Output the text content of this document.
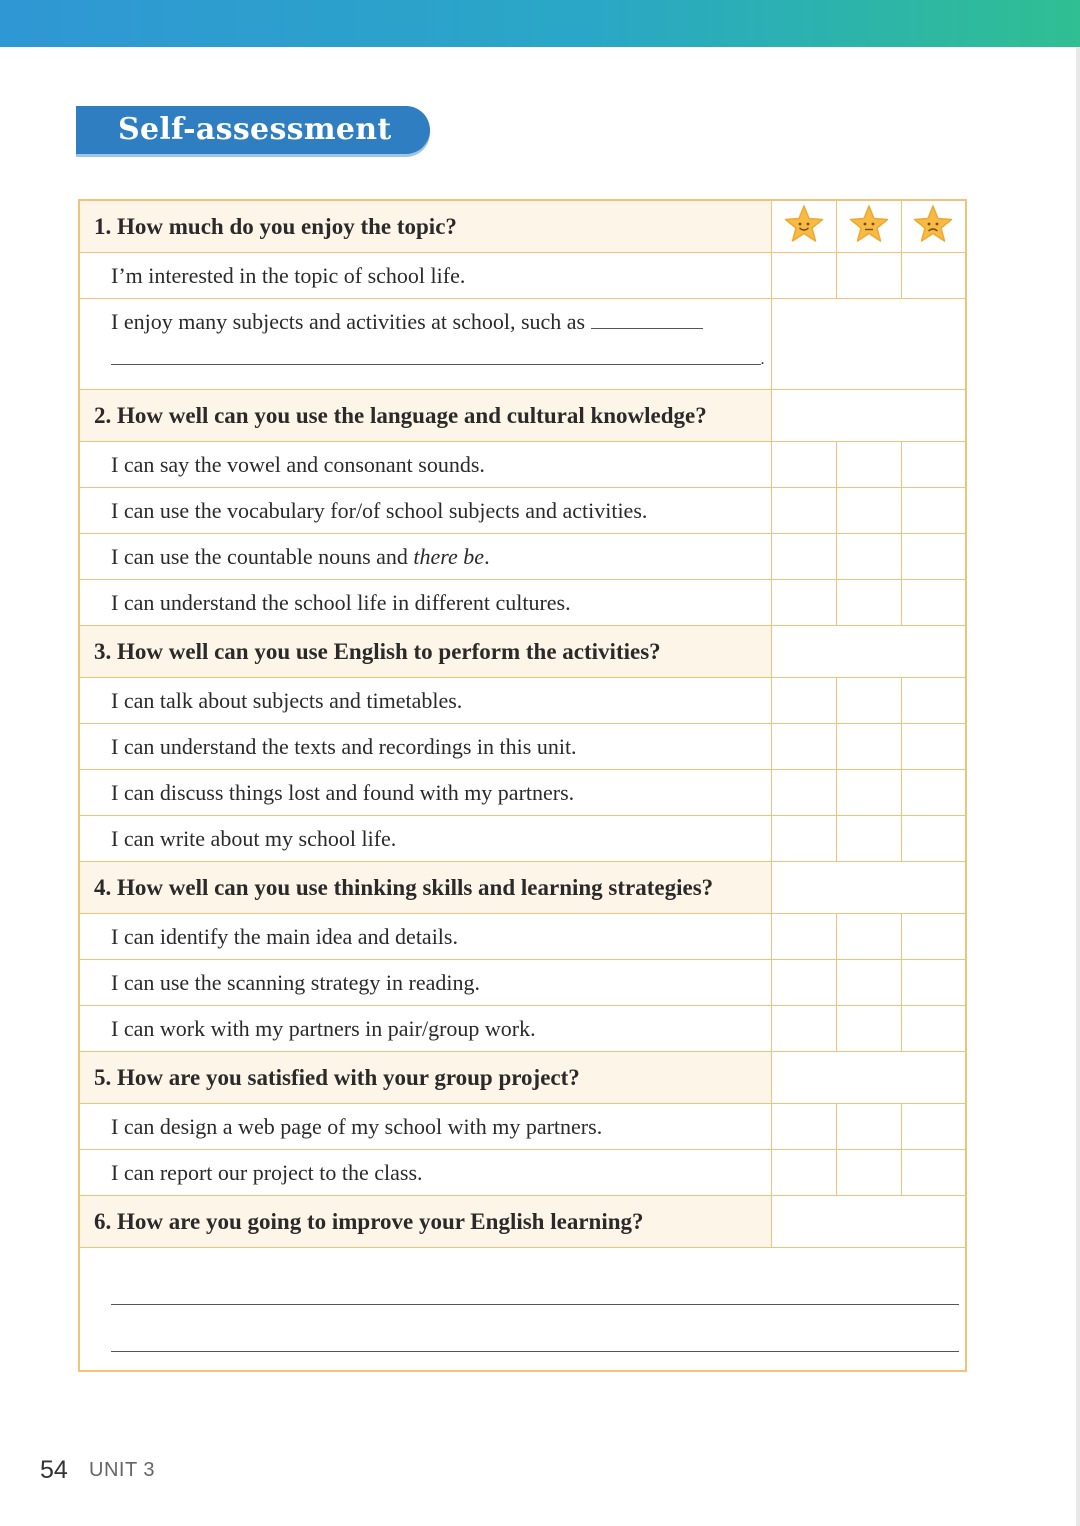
Self-assessment
1. How much do you enjoy the topic?			
I’m interested in the topic of school life.			

I enjoy many subjects and activities at school, such as
.			

2. How well can you use the language and cultural knowledge?			
I can say the vowel and consonant sounds.			
I can use the vocabulary for/of school subjects and activities.			
I can use the countable nouns and there be.			
I can understand the school life in different cultures.			
3. How well can you use English to perform the activities?			
I can talk about subjects and timetables.			
I can understand the texts and recordings in this unit.			
I can discuss things lost and found with my partners.			
I can write about my school life.			
4. How well can you use thinking skills and learning strategies?			
I can identify the main idea and details.			
I can use the scanning strategy in reading.			
I can work with my partners in pair/group work.			
5. How are you satisfied with your group project?			
I can design a web page of my school with my partners.			
I can report our project to the class.			
6. How are you going to improve your English learning?			

54 UNIT 3
